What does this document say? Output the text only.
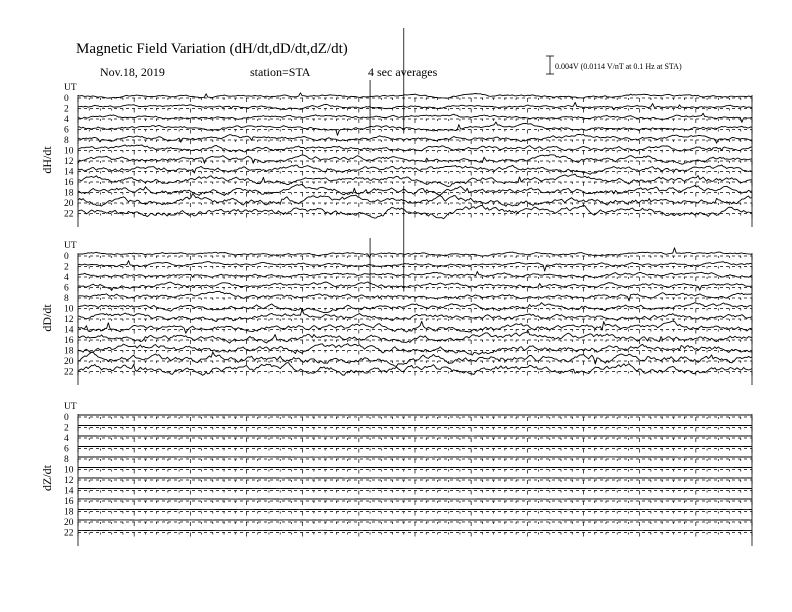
Magnetic Field Variation (dH/dt,dD/dt,dZ/dt)
Nov.18, 2019	station=STA	4 sec averages	0.004V (0.0114 V/nT at 0.1 Hz at STA)
UT
dH/dt
0
2
4
6
8
10
12
14
16
18
20
22
UT
dD/dt
0
2
4
6
8
10
12
14
16
18
20
22
UT
dZ/dt
0
2
4
6
8
10
12
14
16
18
20
22
